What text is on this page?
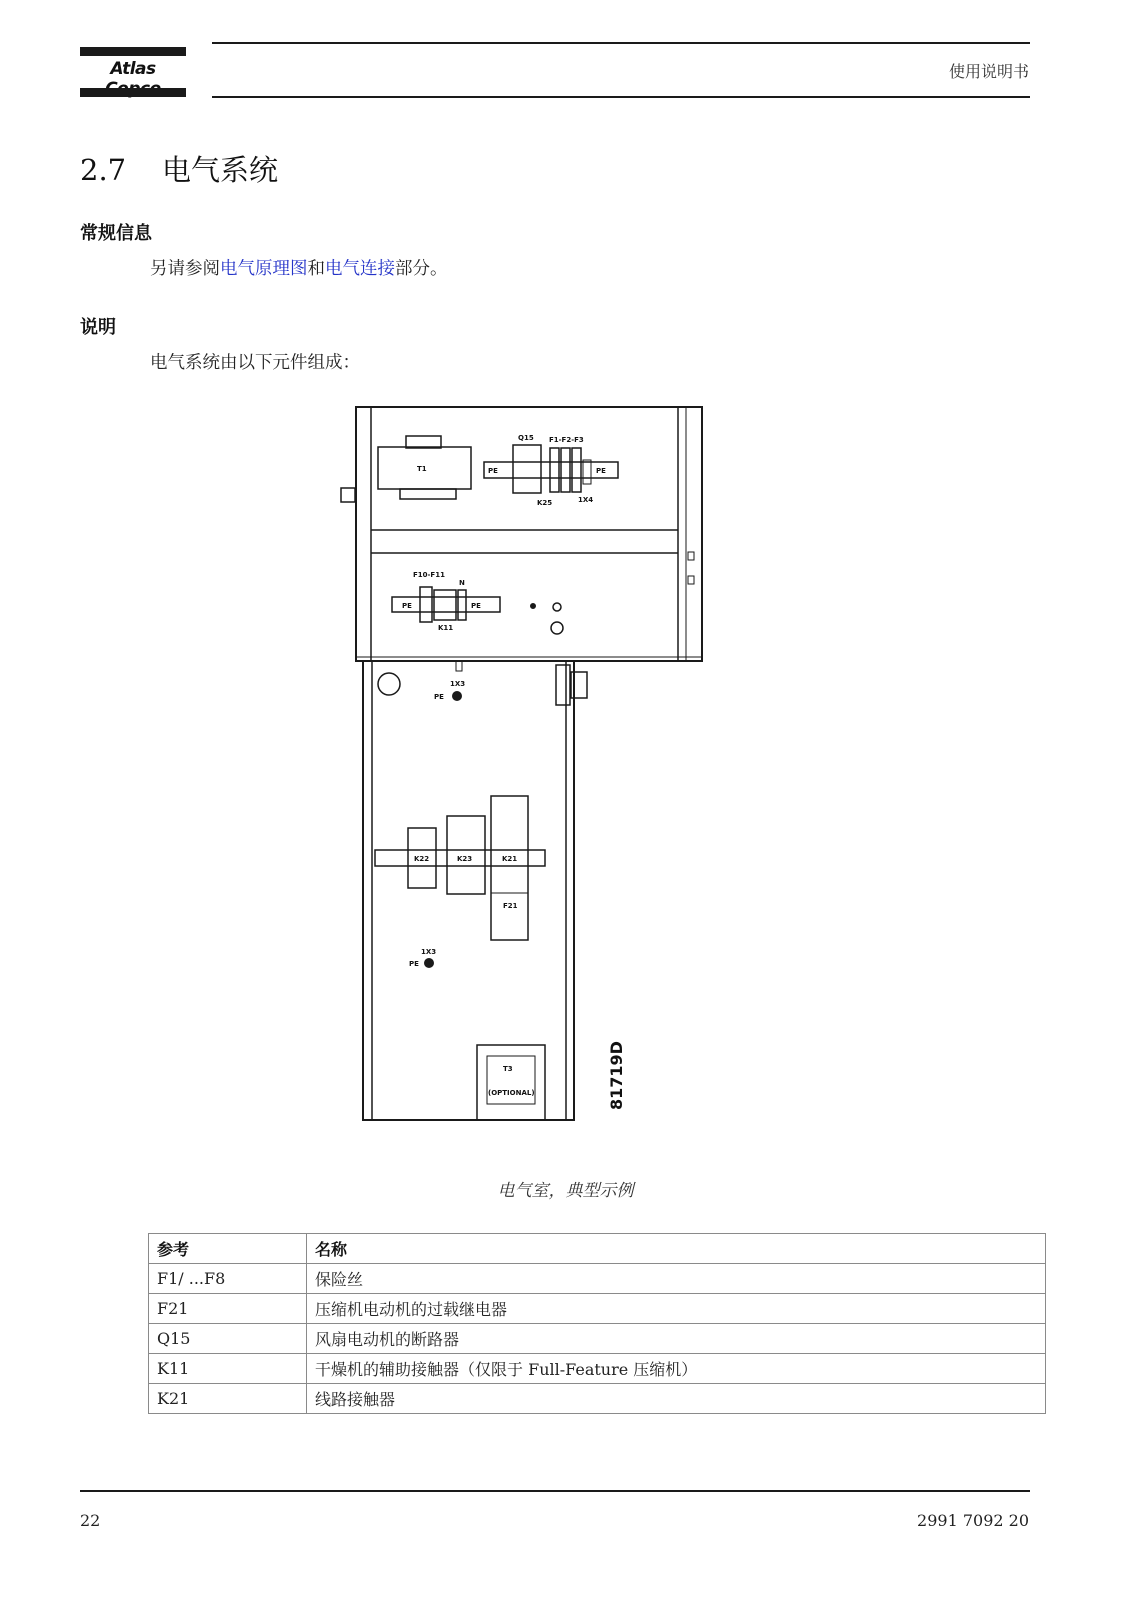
Atlas	使用说明书
2.7 电气系统
常规信息
另请参阅电气原理图和电气连接部分。
说明
电气系统由以下元件组成：
T1
Q15 F1-F2-F3
PE	PE
K25	1X4
F10-F11
N
PE	PE
K11
1X3
PE
K22	K23	K21
F21
1X3
PE
T3
(OPTIONAL)	81719D
电气室，典型示例
参考	名称
F1/ ...F8	保险丝
F21	压缩机电动机的过载继电器
Q15	风扇电动机的断路器
K11	干燥机的辅助接触器（仅限于 Full-Feature 压缩机）
K21	线路接触器
22	2991 7092 20
